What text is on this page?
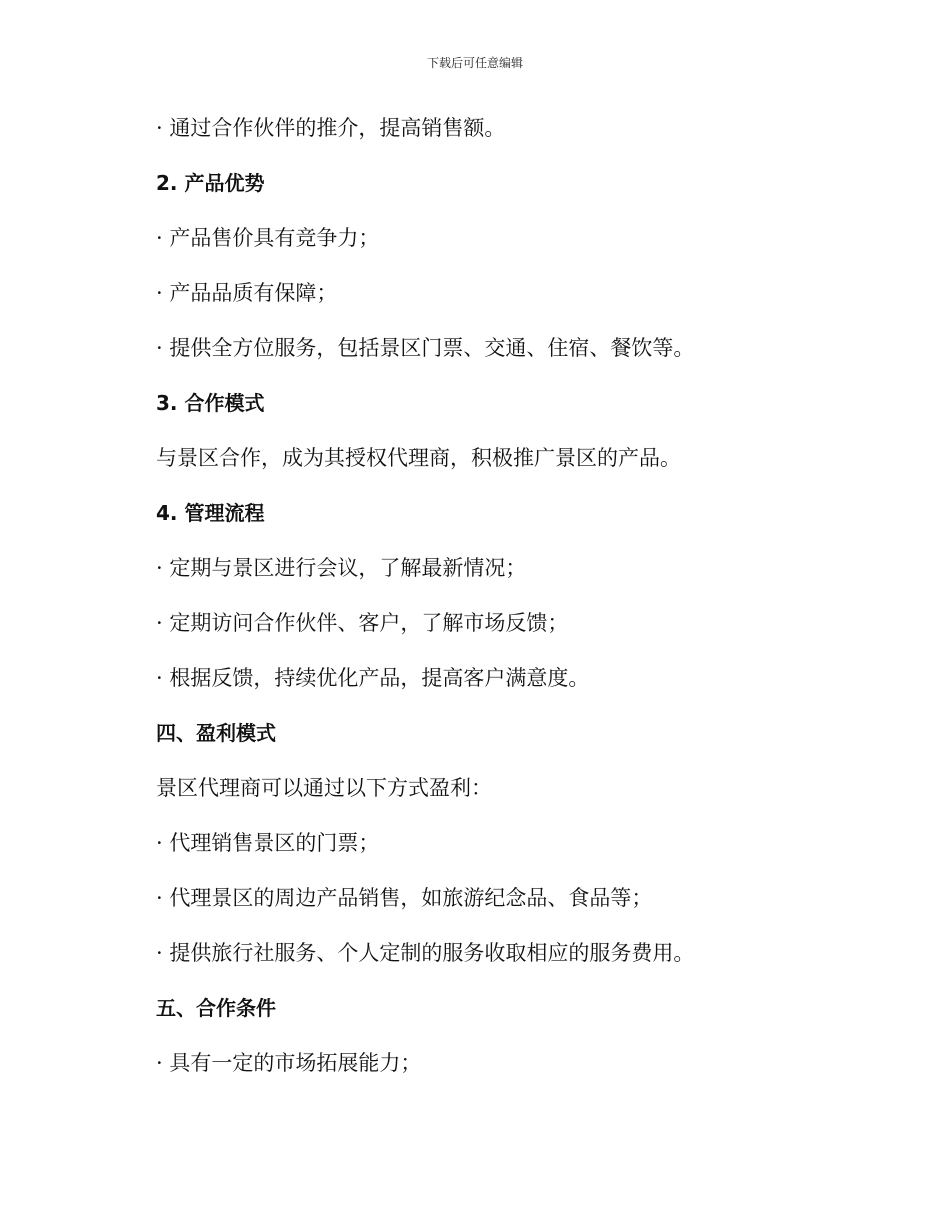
下载后可任意编辑
· 通过合作伙伴的推介，提高销售额。
2. 产品优势
· 产品售价具有竞争力；
· 产品品质有保障；
· 提供全方位服务，包括景区门票、交通、住宿、餐饮等。
3. 合作模式
与景区合作，成为其授权代理商，积极推广景区的产品。
4. 管理流程
· 定期与景区进行会议，了解最新情况；
· 定期访问合作伙伴、客户，了解市场反馈；
· 根据反馈，持续优化产品，提高客户满意度。
四、盈利模式
景区代理商可以通过以下方式盈利：
· 代理销售景区的门票；
· 代理景区的周边产品销售，如旅游纪念品、食品等；
· 提供旅行社服务、个人定制的服务收取相应的服务费用。
五、合作条件
· 具有一定的市场拓展能力；
